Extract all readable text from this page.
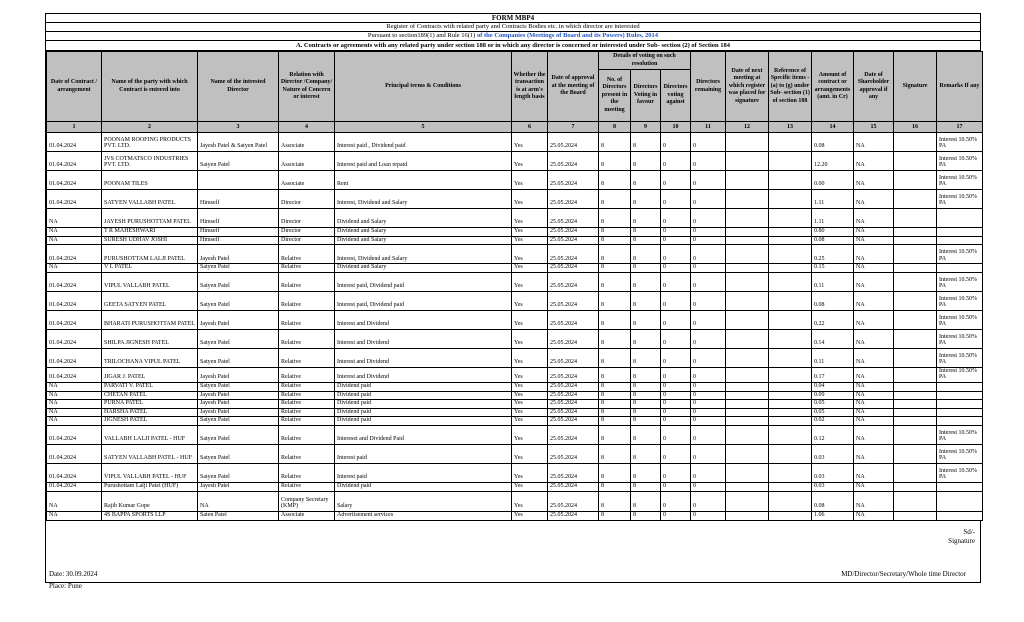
FORM MBP4
Register of Contracts with related party and Contracts Bodies etc. in which director are interested
Pursuant to section189(1) and Rule 16(1) of the Companies (Meetings of Board and its Powers) Rules, 2014
A. Contracts or agreements with any related party under section 188 or in which any director is concerned or interested under Sub- section (2) of Section 184
Date of Contract / arrangement	Name of the party with which Contract is entered into	Name of the intrested Director	Relation with Director /Company/ Nature of Concern or interest	Principal terms & Conditions	Whether the transaction is at arm's length basis	Date of approval at the meeting of the Board	Details of voting on such resolution			Directors remaining	Date of next meeting at which register was placed for signature	Reference of Specific items - (a) to (g) under Sub- section (1) of section 188	Amount of contract or arrangements (amt. in Cr)	Date of Shareholder approval if any	Signature	Remarks If any
							No. of Directors present in the meeting	Directors Voting in favour	Directors voting against							
1	2	3	4	5	6	7	8	9	10	11	12	13	14	15	16	17
01.04.2024	POONAM ROOFING PRODUCTS PVT. LTD.	Jayesh Patel & Satyen Patel	Associate	Interest paid , Dividend paid	Yes	25.05.2024	8	8	0	0			0.08	NA		Interest 10.50% PA
01.04.2024	JVS COTMATSCO INDUSTRIES PVT. LTD.	Satyen Patel	Associate	Interest paid and Loan repaid	Yes	25.05.2024	8	8	0	0			12.20	NA		Interest 10.50% PA
01.04.2024	POONAM TILES		Associate	Rent	Yes	25.05.2024	8	8	0	0			0.00	NA		Interest 10.50% PA
01.04.2024	SATYEN VALLABH PATEL	Himself	Director	Interest, Dividend and Salary	Yes	25.05.2024	8	8	0	0			1.11	NA		Interest 10.50% PA
NA	JAYESH PURUSHOTTAM PATEL	Himself	Director	Dividend and Salary	Yes	25.05.2024	8	8	0	0			1.11	NA		
NA	T R MAHESHWARI	Himself	Director	Dividend and Salary	Yes	25.05.2024	8	8	0	0			0.80	NA		
NA	SURESH UDHAV JOSHI	Himself	Director	Dividend and Salary	Yes	25.05.2024	8	8	0	0			0.08	NA		
01.04.2024	PURUSHOTTAM LALJI PATEL	Jayesh Patel	Relative	Interest, Dividend and Salary	Yes	25.05.2024	8	8	0	0			0.25	NA		Interest 10.50% PA
NA	V L PATEL	Satyen Patel	Relative	Dividend and Salary	Yes	25.05.2024	8	8	0	0			0.15	NA		
01.04.2024	VIPUL VALLABH PATEL	Satyen Patel	Relative	Interest paid, Dividend paid	Yes	25.05.2024	8	8	0	0			0.11	NA		Interest 10.50% PA
01.04.2024	GEETA SATYEN PATEL	Satyen Patel	Relative	Interest paid, Dividend paid	Yes	25.05.2024	8	8	0	0			0.08	NA		Interest 10.50% PA
01.04.2024	BHARATI PURUSHOTTAM PATEL	Jayesh Patel	Relative	Interest and Dividend	Yes	25.05.2024	8	8	0	0			0.22	NA		Interest 10.50% PA
01.04.2024	SHILPA JIGNESH PATEL	Satyen Patel	Relative	Interest and Dividend	Yes	25.05.2024	8	8	0	0			0.14	NA		Interest 10.50% PA
01.04.2024	TRILOCHANA VIPUL PATEL	Satyen Patel	Relative	Interest and Dividend	Yes	25.05.2024	8	8	0	0			0.11	NA		Interest 10.50% PA
01.04.2024	JIGAR J. PATEL	Jayesh Patel	Relative	Interest and Dividend	Yes	25.05.2024	8	8	0	0			0.17	NA		Interest 10.50% PA
NA	PARVATI V. PATEL	Satyen Patel	Relative	Dividend paid	Yes	25.05.2024	8	8	0	0			0.04	NA		
NA	CHETAN PATEL	Jayesh Patel	Relative	Dividend paid	Yes	25.05.2024	8	8	0	0			0.09	NA		
NA	PURNA PATEL	Jayesh Patel	Relative	Dividend paid	Yes	25.05.2024	8	8	0	0			0.05	NA		
NA	HARSHA PATEL	Jayesh Patel	Relative	Dividend paid	Yes	25.05.2024	8	8	0	0			0.05	NA		
NA	JIGNESH PATEL	Satyen Patel	Relative	Dividend paid	Yes	25.05.2024	8	8	0	0			0.02	NA		
01.04.2024	VALLABH LALJI PATEL - HUF	Satyen Patel	Relative	Intereset and Dividend Paid	Yes	25.05.2024	8	8	0	0			0.12	NA		Interest 10.50% PA
01.04.2024	SATYEN VALLABH PATEL - HUF	Satyen Patel	Relative	Interest paid	Yes	25.05.2024	8	8	0	0			0.03	NA		Interest 10.50% PA
01.04.2024	VIPUL VALLABH PATEL - HUF	Satyen Patel	Relative	Interest paid	Yes	25.05.2024	8	8	0	0			0.03	NA		Interest 10.50% PA
01.04.2024	Purushottam Lalji Patel (HUF)	Jayesh Patel	Relative	Dividend paid	Yes	25.05.2024	8	8	0	0			0.03	NA		
NA	Rajib Kumar Gope	NA	Company Secretary (KMP)	Salary	Yes	25.05.2024	8	8	0	0			0.08	NA		
NA	4S BAPPA SPORTS LLP	Saten Patel	Associate	Advertisement services	Yes	25.05.2024	8	8	0	0			1.06	NA		
Sd/-
Signature
Date: 30.09.2024
Place: Pune
MD/Director/Secretary/Whole time Director
